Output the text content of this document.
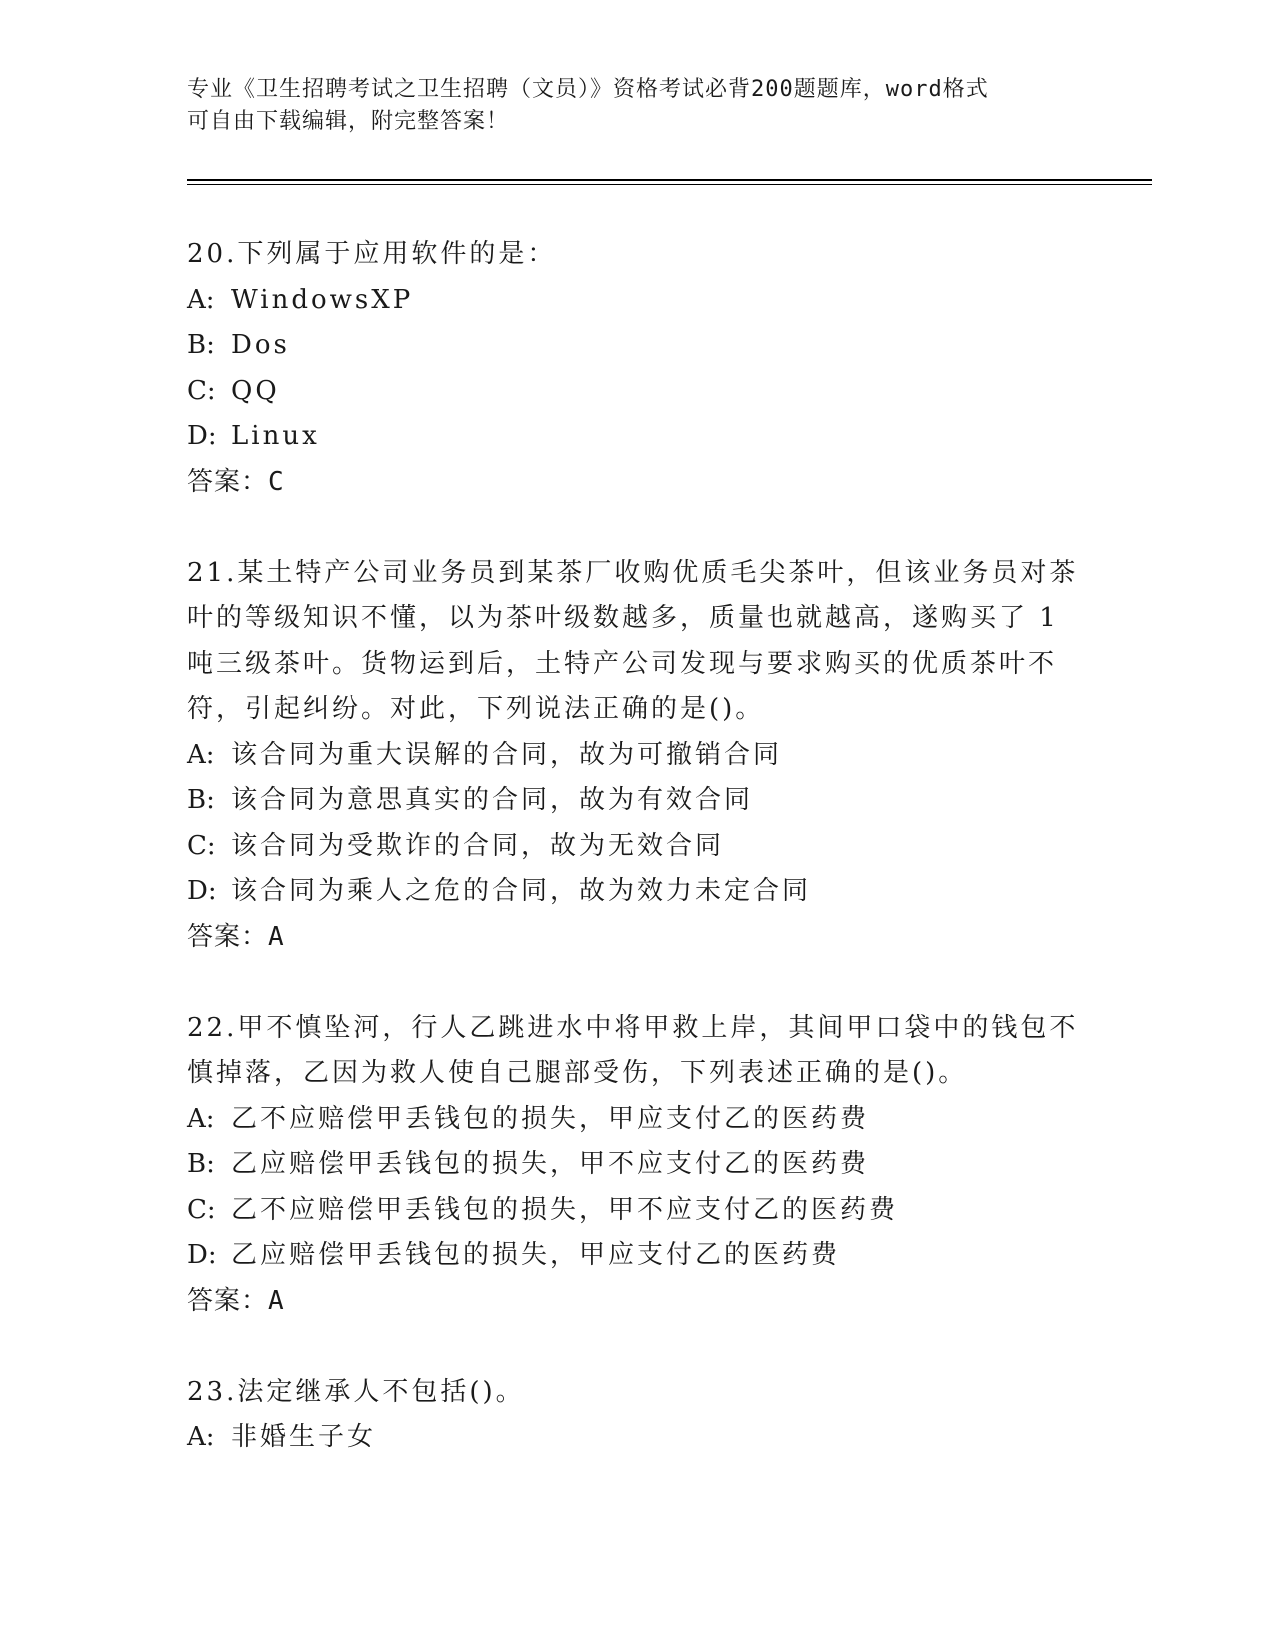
专业《卫生招聘考试之卫生招聘（文员）》资格考试必背200题题库，word格式
可自由下载编辑，附完整答案！

20.下列属于应用软件的是：

A: WindowsXP

B: Dos

C: QQ

D: Linux

答案：C

21.某土特产公司业务员到某茶厂收购优质毛尖茶叶，但该业务员对茶

叶的等级知识不懂，以为茶叶级数越多，质量也就越高，遂购买了 1

吨三级茶叶。货物运到后，土特产公司发现与要求购买的优质茶叶不

符，引起纠纷。对此，下列说法正确的是()。

A: 该合同为重大误解的合同，故为可撤销合同

B: 该合同为意思真实的合同，故为有效合同

C: 该合同为受欺诈的合同，故为无效合同

D: 该合同为乘人之危的合同，故为效力未定合同

答案：A

22.甲不慎坠河，行人乙跳进水中将甲救上岸，其间甲口袋中的钱包不

慎掉落，乙因为救人使自己腿部受伤，下列表述正确的是()。

A: 乙不应赔偿甲丢钱包的损失，甲应支付乙的医药费

B: 乙应赔偿甲丢钱包的损失，甲不应支付乙的医药费

C: 乙不应赔偿甲丢钱包的损失，甲不应支付乙的医药费

D: 乙应赔偿甲丢钱包的损失，甲应支付乙的医药费

答案：A

23.法定继承人不包括()。

A: 非婚生子女
